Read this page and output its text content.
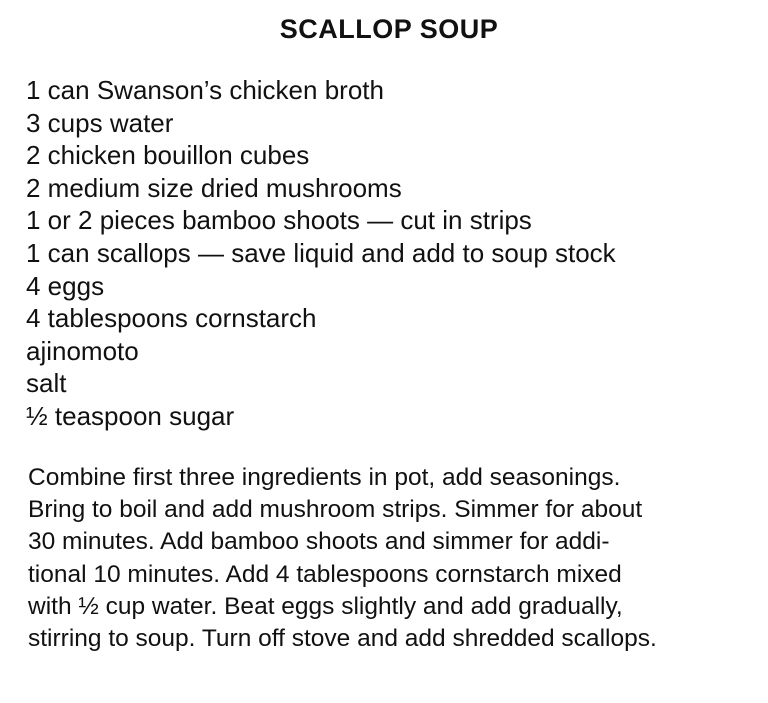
SCALLOP SOUP
1 can Swanson’s chicken broth
3 cups water
2 chicken bouillon cubes
2 medium size dried mushrooms
1 or 2 pieces bamboo shoots — cut in strips
1 can scallops — save liquid and add to soup stock
4 eggs
4 tablespoons cornstarch
ajinomoto
salt
½ teaspoon sugar

Combine first three ingredients in pot, add seasonings.
Bring to boil and add mushroom strips. Simmer for about
30 minutes. Add bamboo shoots and simmer for addi-
tional 10 minutes. Add 4 tablespoons cornstarch mixed
with ½ cup water. Beat eggs slightly and add gradually,
stirring to soup. Turn off stove and add shredded scallops.
